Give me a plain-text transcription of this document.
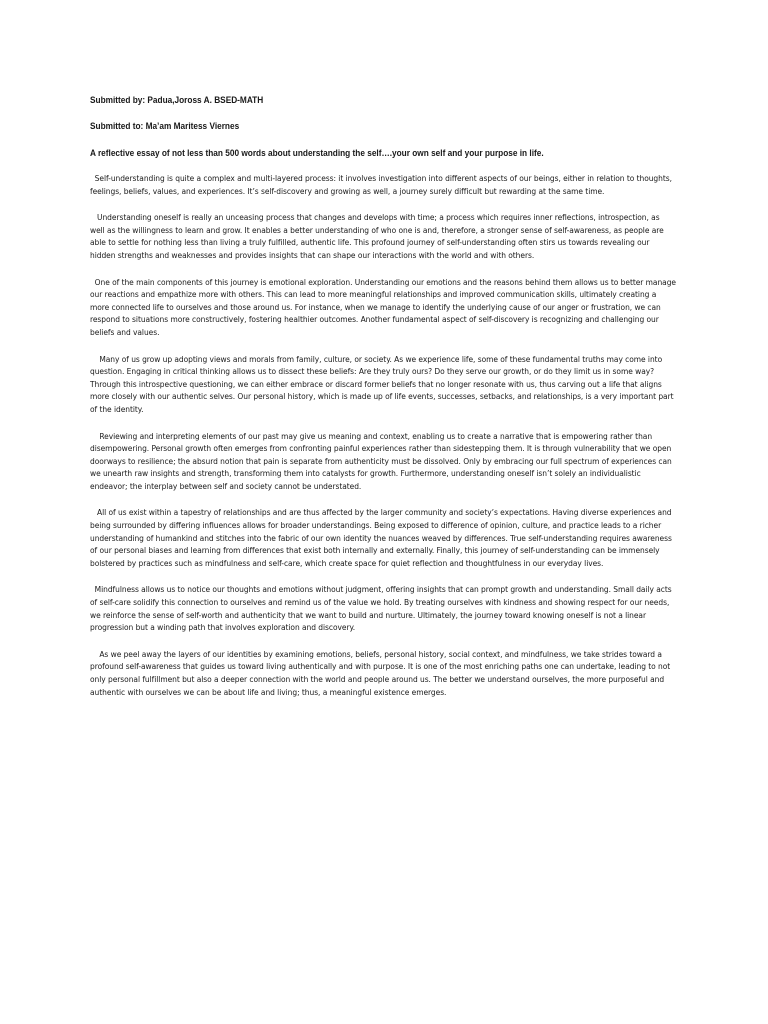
Submitted by: Padua,Joross A. BSED-MATH
Submitted to: Ma’am Maritess Viernes
A reflective essay of not less than 500 words about understanding the self….your own self and your purpose in life.

Self-understanding is quite a complex and multi-layered process: it involves investigation into different aspects of our beings, either in relation to thoughts, feelings, beliefs, values, and experiences. It’s self-discovery and growing as well, a journey surely difficult but rewarding at the same time.

Understanding oneself is really an unceasing process that changes and develops with time; a process which requires inner reflections, introspection, as well as the willingness to learn and grow. It enables a better understanding of who one is and, therefore, a stronger sense of self-awareness, as people are able to settle for nothing less than living a truly fulfilled, authentic life. This profound journey of self-understanding often stirs us towards revealing our hidden strengths and weaknesses and provides insights that can shape our interactions with the world and with others.

One of the main components of this journey is emotional exploration. Understanding our emotions and the reasons behind them allows us to better manage our reactions and empathize more with others. This can lead to more meaningful relationships and improved communication skills, ultimately creating a more connected life to ourselves and those around us. For instance, when we manage to identify the underlying cause of our anger or frustration, we can respond to situations more constructively, fostering healthier outcomes. Another fundamental aspect of self-discovery is recognizing and challenging our beliefs and values.

Many of us grow up adopting views and morals from family, culture, or society. As we experience life, some of these fundamental truths may come into question. Engaging in critical thinking allows us to dissect these beliefs: Are they truly ours? Do they serve our growth, or do they limit us in some way? Through this introspective questioning, we can either embrace or discard former beliefs that no longer resonate with us, thus carving out a life that aligns more closely with our authentic selves. Our personal history, which is made up of life events, successes, setbacks, and relationships, is a very important part of the identity.

Reviewing and interpreting elements of our past may give us meaning and context, enabling us to create a narrative that is empowering rather than disempowering. Personal growth often emerges from confronting painful experiences rather than sidestepping them. It is through vulnerability that we open doorways to resilience; the absurd notion that pain is separate from authenticity must be dissolved. Only by embracing our full spectrum of experiences can we unearth raw insights and strength, transforming them into catalysts for growth. Furthermore, understanding oneself isn’t solely an individualistic endeavor; the interplay between self and society cannot be understated.

All of us exist within a tapestry of relationships and are thus affected by the larger community and society’s expectations. Having diverse experiences and being surrounded by differing influences allows for broader understandings. Being exposed to difference of opinion, culture, and practice leads to a richer understanding of humankind and stitches into the fabric of our own identity the nuances weaved by differences. True self-understanding requires awareness of our personal biases and learning from differences that exist both internally and externally. Finally, this journey of self-understanding can be immensely bolstered by practices such as mindfulness and self-care, which create space for quiet reflection and thoughtfulness in our everyday lives.

Mindfulness allows us to notice our thoughts and emotions without judgment, offering insights that can prompt growth and understanding. Small daily acts of self-care solidify this connection to ourselves and remind us of the value we hold. By treating ourselves with kindness and showing respect for our needs, we reinforce the sense of self-worth and authenticity that we want to build and nurture. Ultimately, the journey toward knowing oneself is not a linear progression but a winding path that involves exploration and discovery.

As we peel away the layers of our identities by examining emotions, beliefs, personal history, social context, and mindfulness, we take strides toward a profound self-awareness that guides us toward living authentically and with purpose. It is one of the most enriching paths one can undertake, leading to not only personal fulfillment but also a deeper connection with the world and people around us. The better we understand ourselves, the more purposeful and authentic with ourselves we can be about life and living; thus, a meaningful existence emerges.
